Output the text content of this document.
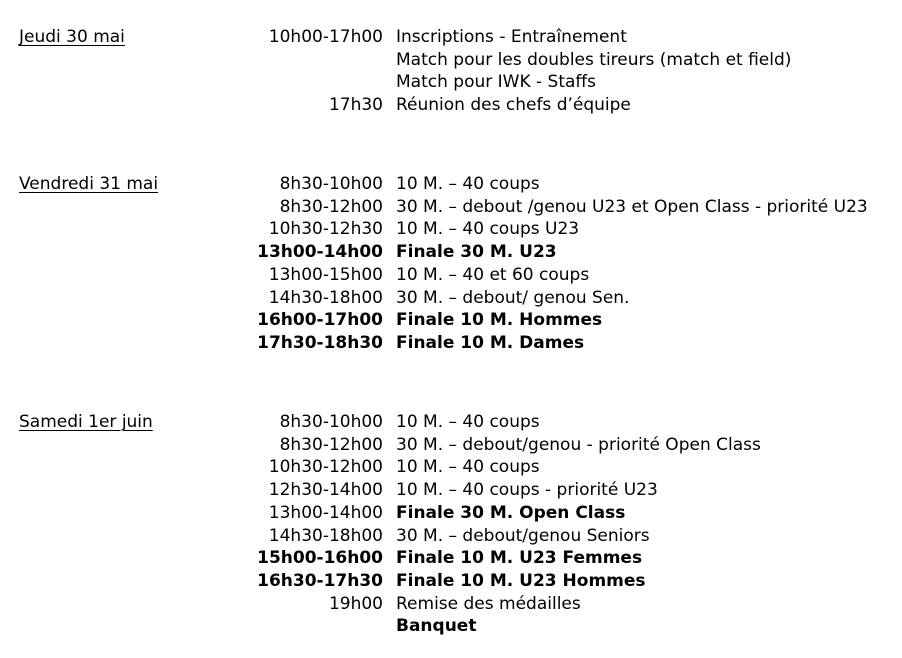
Jeudi 30 mai	10h00-17h00 Inscriptions - Entraînement
Match pour les doubles tireurs (match et field)
Match pour IWK - Staffs
17h30 Réunion des chefs d’équipe
Vendredi 31 mai	8h30-10h00 10 M. – 40 coups
8h30-12h00 30 M. – debout /genou U23 et Open Class - priorité U23
10h30-12h30 10 M. – 40 coups U23
13h00-14h00 Finale 30 M. U23
13h00-15h00 10 M. – 40 et 60 coups
14h30-18h00 30 M. – debout/ genou Sen.
16h00-17h00 Finale 10 M. Hommes
17h30-18h30 Finale 10 M. Dames
Samedi 1er juin	8h30-10h00 10 M. – 40 coups
8h30-12h00 30 M. – debout/genou - priorité Open Class
10h30-12h00 10 M. – 40 coups
12h30-14h00 10 M. – 40 coups - priorité U23
13h00-14h00 Finale 30 M. Open Class
14h30-18h00 30 M. – debout/genou Seniors
15h00-16h00 Finale 10 M. U23 Femmes
16h30-17h30 Finale 10 M. U23 Hommes
19h00 Remise des médailles
Banquet
